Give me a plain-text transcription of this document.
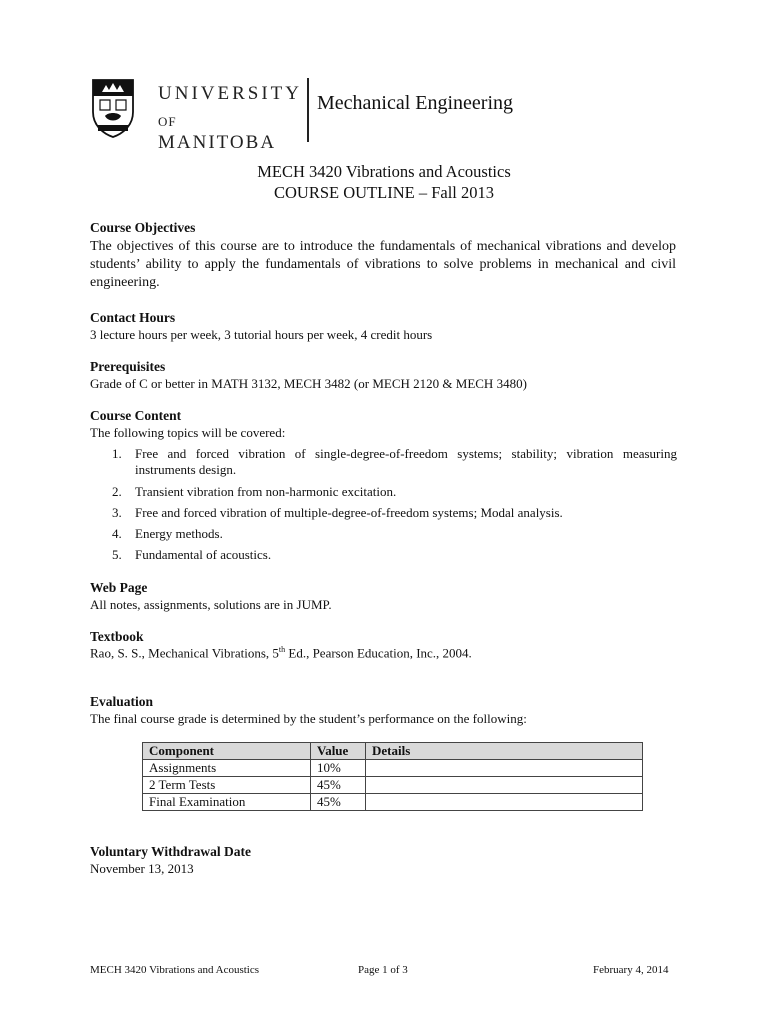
UNIVERSITY
OF MANITOBA
Mechanical Engineering
MECH 3420 Vibrations and Acoustics
COURSE OUTLINE – Fall 2013
Course Objectives
The objectives of this course are to introduce the fundamentals of mechanical vibrations and develop students’ ability to apply the fundamentals of vibrations to solve problems in mechanical and civil engineering.
Contact Hours
3 lecture hours per week, 3 tutorial hours per week, 4 credit hours
Prerequisites
Grade of C or better in MATH 3132, MECH 3482 (or MECH 2120 & MECH 3480)
Course Content
The following topics will be covered:
1. Free and forced vibration of single-degree-of-freedom systems; stability; vibration measuring instruments design.
2. Transient vibration from non-harmonic excitation.
3. Free and forced vibration of multiple-degree-of-freedom systems; Modal analysis.
4. Energy methods.
5. Fundamental of acoustics.
Web Page
All notes, assignments, solutions are in JUMP.
Textbook
Rao, S. S., Mechanical Vibrations, 5th Ed., Pearson Education, Inc., 2004.
Evaluation
The final course grade is determined by the student’s performance on the following:
Component	Value	Details
Assignments	10%	
2 Term Tests	45%	
Final Examination	45%	
Voluntary Withdrawal Date
November 13, 2013
MECH 3420 Vibrations and Acoustics	Page 1 of 3	February 4, 2014
